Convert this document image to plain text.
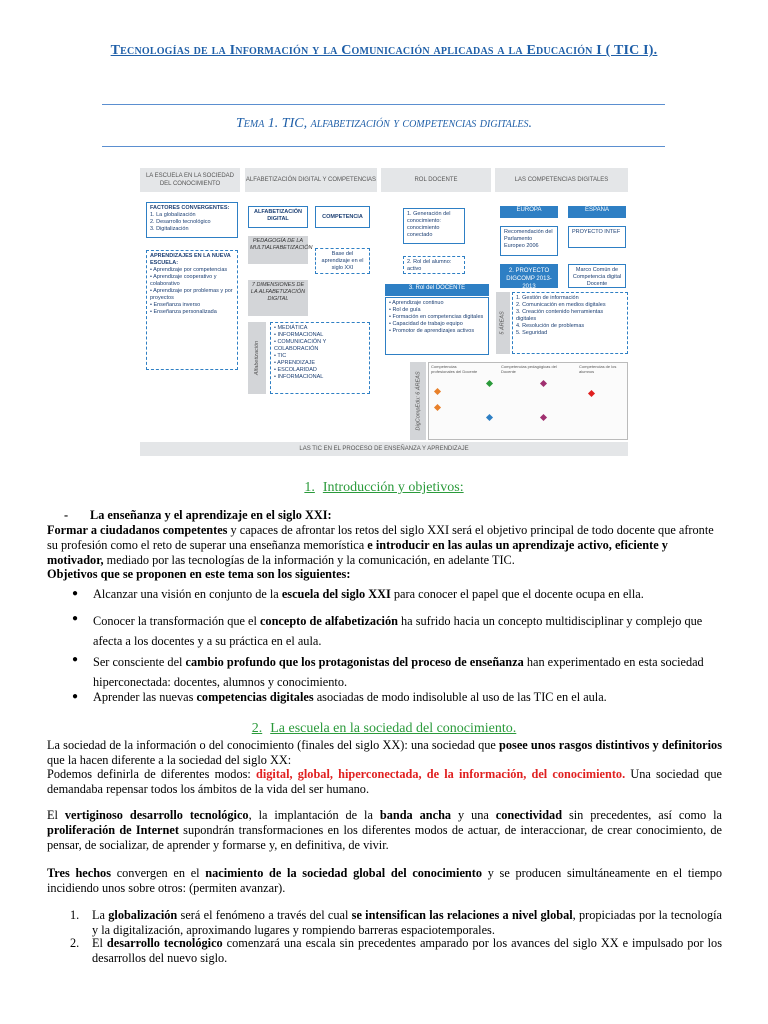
Tecnologías de la Información y la Comunicación aplicadas a la Educación I ( TIC I).
Tema 1. TIC, alfabetización y competencias digitales.
LA ESCUELA EN LA SOCIEDAD DEL CONOCIMIENTO
ALFABETIZACIÓN DIGITAL Y COMPETENCIAS	ROL DOCENTE	LAS COMPETENCIAS DIGITALES
FACTORES CONVERGENTES:
1. La globalización
2. Desarrollo tecnológico
3. Digitalización
APRENDIZAJES EN LA NUEVA ESCUELA:
• Aprendizaje por competencias
• Aprendizaje cooperativo y colaborativo
• Aprendizaje por problemas y por proyectos
• Enseñanza inverso
• Enseñanza personalizada
ALFABETIZACIÓN DIGITAL	COMPETENCIA
PEDAGOGÍA DE LA MULTIALFABETIZACIÓN
Base del aprendizaje en el siglo XXI
7 DIMENSIONES DE LA ALFABETIZACIÓN DIGITAL
Alfabetización
• MEDIÁTICA
• INFORMACIONAL
• COMUNICACIÓN Y COLABORACIÓN
• TIC
• APRENDIZAJE
• ESCOLARIDAD
• INFORMACIONAL
1. Generación del conocimiento: conocimiento conectado
2. Rol del alumno: activo
3. Rol del DOCENTE
• Aprendizaje continuo
• Rol de guía
• Formación en competencias digitales
• Capacidad de trabajo equipo
• Promotor de aprendizajes activos
EUROPA	ESPAÑA
Recomendación del Parlamento Europeo 2006
PROYECTO INTEF
2. PROYECTO DIGCOMP 2013-2013
Marco Común de Competencia digital Docente
5 ÁREAS
1. Gestión de información
2. Comunicación en medios digitales
3. Creación contenido herramientas digitales
4. Resolución de problemas
5. Seguridad
DigCompEdu: 6 ÁREAS
Competencias profesionales del Docente
Competencias pedagógicas del Docente
Competencias de los alumnos
LAS TIC EN EL PROCESO DE ENSEÑANZA Y APRENDIZAJE
1. Introducción y objetivos:
- La enseñanza y el aprendizaje en el siglo XXI:
Formar a ciudadanos competentes y capaces de afrontar los retos del siglo XXI será el objetivo principal de todo docente que afronte su profesión como el reto de superar una enseñanza memorística e introducir en las aulas un aprendizaje activo, eficiente y motivador, mediado por las tecnologías de la información y la comunicación, en adelante TIC.
Objetivos que se proponen en este tema son los siguientes:
● Alcanzar una visión en conjunto de la escuela del siglo XXI para conocer el papel que el docente ocupa en ella.
● Conocer la transformación que el concepto de alfabetización ha sufrido hacia un concepto multidisciplinar y complejo que afecta a los docentes y a su práctica en el aula.
● Ser consciente del cambio profundo que los protagonistas del proceso de enseñanza han experimentado en esta sociedad hiperconectada: docentes, alumnos y conocimiento.
● Aprender las nuevas competencias digitales asociadas de modo indisoluble al uso de las TIC en el aula.
2. La escuela en la sociedad del conocimiento.
La sociedad de la información o del conocimiento (finales del siglo XX): una sociedad que posee unos rasgos distintivos y definitorios que la hacen diferente a la sociedad del siglo XX:
Podemos definirla de diferentes modos: digital, global, hiperconectada, de la información, del conocimiento. Una sociedad que demandaba repensar todos los ámbitos de la vida del ser humano.
El vertiginoso desarrollo tecnológico, la implantación de la banda ancha y una conectividad sin precedentes, así como la proliferación de Internet supondrán transformaciones en los diferentes modos de actuar, de interaccionar, de crear conocimiento, de pensar, de socializar, de aprender y formarse y, en definitiva, de vivir.
Tres hechos convergen en el nacimiento de la sociedad global del conocimiento y se producen simultáneamente en el tiempo incidiendo unos sobre otros: (permiten avanzar).
1. La globalización será el fenómeno a través del cual se intensifican las relaciones a nivel global, propiciadas por la tecnología y la digitalización, aproximando lugares y rompiendo barreras espaciotemporales.
2. El desarrollo tecnológico comenzará una escala sin precedentes amparado por los avances del siglo XX e impulsado por los desarrollos del nuevo siglo.
